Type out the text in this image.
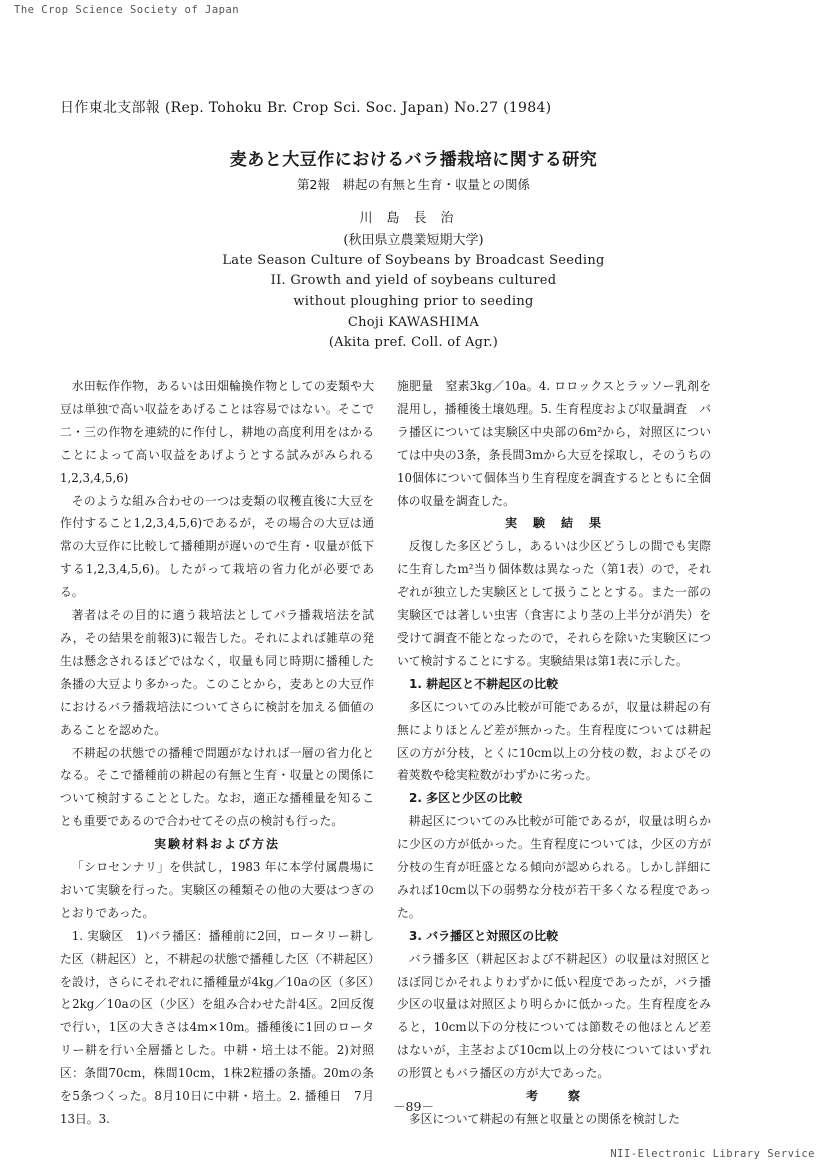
The Crop Science Society of Japan
日作東北支部報 (Rep. Tohoku Br. Crop Sci. Soc. Japan) No.27 (1984)
麦あと大豆作におけるバラ播栽培に関する研究
第2報　耕起の有無と生育・収量との関係
川島長治
(秋田県立農業短期大学)
Late Season Culture of Soybeans by Broadcast Seeding
II. Growth and yield of soybeans cultured
without ploughing prior to seeding
Choji KAWASHIMA
(Akita pref. Coll. of Agr.)

水田転作作物，あるいは田畑輪換作物としての麦類や大豆は単独で高い収益をあげることは容易ではない。そこで二・三の作物を連続的に作付し，耕地の高度利用をはかることによって高い収益をあげようとする試みがみられる1,2,3,4,5,6)

そのような組み合わせの一つは麦類の収穫直後に大豆を作付すること1,2,3,4,5,6)であるが，その場合の大豆は通常の大豆作に比較して播種期が遅いので生育・収量が低下する1,2,3,4,5,6)。したがって栽培の省力化が必要である。

著者はその目的に適う栽培法としてバラ播栽培法を試み，その結果を前報3)に報告した。それによれば雑草の発生は懸念されるほどではなく，収量も同じ時期に播種した条播の大豆より多かった。このことから，麦あとの大豆作におけるバラ播栽培法についてさらに検討を加える価値のあることを認めた。

不耕起の状態での播種で問題がなければ一層の省力化となる。そこで播種前の耕起の有無と生育・収量との関係について検討することとした。なお，適正な播種量を知ることも重要であるので合わせてその点の検討も行った。

実験材料および方法

「シロセンナリ」を供試し，1983 年に本学付属農場において実験を行った。実験区の種類その他の大要はつぎのとおりであった。

1. 実験区　1)バラ播区：播種前に2回，ロータリー耕した区（耕起区）と，不耕起の状態で播種した区（不耕起区）を設け，さらにそれぞれに播種量が4kg／10aの区（多区）と2kg／10aの区（少区）を組み合わせた計4区。2回反復で行い，1区の大きさは4m×10m。播種後に1回のロータリー耕を行い全層播とした。中耕・培土は不能。2)対照区：条間70cm，株間10cm，1株2粒播の条播。20mの条を5条つくった。8月10日に中耕・培土。2. 播種日　7月13日。3.

施肥量　窒素3kg／10a。4. ロロックスとラッソー乳剤を混用し，播種後土壌処理。5. 生育程度および収量調査　バラ播区については実験区中央部の6m²から，対照区については中央の3条，条長間3mから大豆を採取し，そのうちの10個体について個体当り生育程度を調査するとともに全個体の収量を調査した。

実　験　結　果

反復した多区どうし，あるいは少区どうしの間でも実際に生育したm²当り個体数は異なった（第1表）ので，それぞれが独立した実験区として扱うこととする。また一部の実験区では著しい虫害（食害により茎の上半分が消失）を受けて調査不能となったので，それらを除いた実験区について検討することにする。実験結果は第1表に示した。

1. 耕起区と不耕起区の比較

多区についてのみ比較が可能であるが，収量は耕起の有無によりほとんど差が無かった。生育程度については耕起区の方が分枝，とくに10cm以上の分枝の数，およびその着莢数や稔実粒数がわずかに劣った。

2. 多区と少区の比較

耕起区についてのみ比較が可能であるが，収量は明らかに少区の方が低かった。生育程度については，少区の方が分枝の生育が旺盛となる傾向が認められる。しかし詳細にみれば10cm以下の弱勢な分枝が若干多くなる程度であった。

3. バラ播区と対照区の比較

バラ播多区（耕起区および不耕起区）の収量は対照区とほぼ同じかそれよりわずかに低い程度であったが，バラ播少区の収量は対照区より明らかに低かった。生育程度をみると，10cm以下の分枝については節数その他ほとんど差はないが，主茎および10cm以上の分枝についてはいずれの形質ともバラ播区の方が大であった。

考　　察

多区について耕起の有無と収量との関係を検討した

－89－
NII-Electronic Library Service
